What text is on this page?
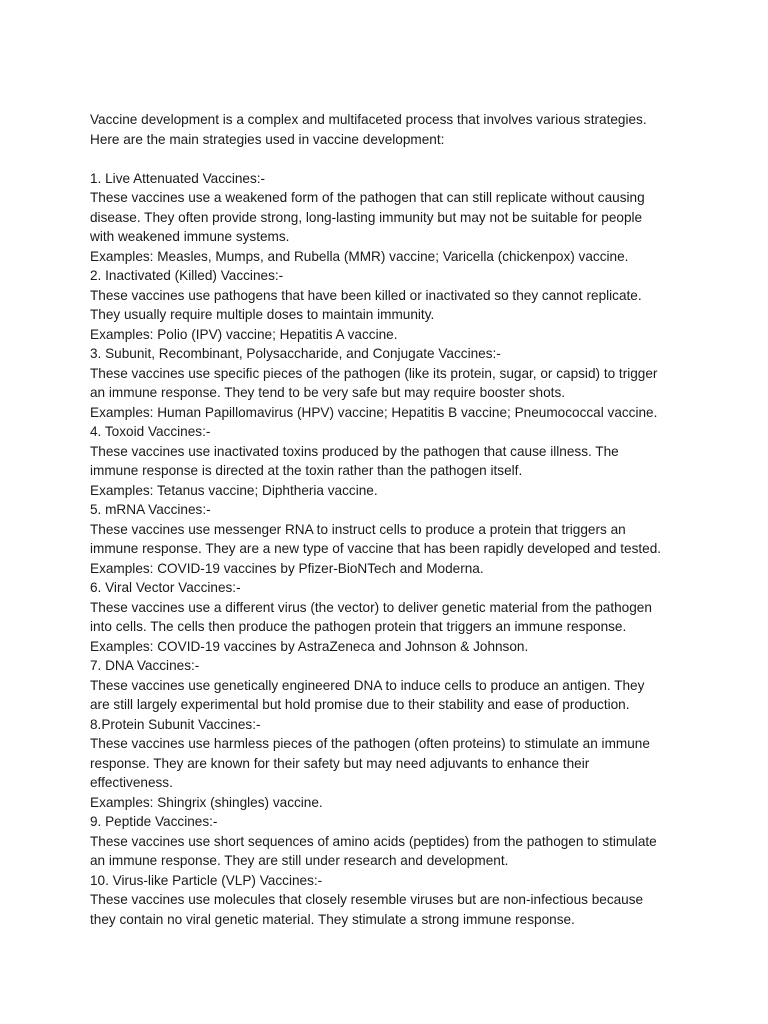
Vaccine development is a complex and multifaceted process that involves various strategies.

Here are the main strategies used in vaccine development:

1. Live Attenuated Vaccines:-

These vaccines use a weakened form of the pathogen that can still replicate without causing

disease. They often provide strong, long-lasting immunity but may not be suitable for people

with weakened immune systems.

Examples: Measles, Mumps, and Rubella (MMR) vaccine; Varicella (chickenpox) vaccine.

2. Inactivated (Killed) Vaccines:-

These vaccines use pathogens that have been killed or inactivated so they cannot replicate.

They usually require multiple doses to maintain immunity.

Examples: Polio (IPV) vaccine; Hepatitis A vaccine.

3. Subunit, Recombinant, Polysaccharide, and Conjugate Vaccines:-

These vaccines use specific pieces of the pathogen (like its protein, sugar, or capsid) to trigger

an immune response. They tend to be very safe but may require booster shots.

Examples: Human Papillomavirus (HPV) vaccine; Hepatitis B vaccine; Pneumococcal vaccine.

4. Toxoid Vaccines:-

These vaccines use inactivated toxins produced by the pathogen that cause illness. The

immune response is directed at the toxin rather than the pathogen itself.

Examples: Tetanus vaccine; Diphtheria vaccine.

5. mRNA Vaccines:-

These vaccines use messenger RNA to instruct cells to produce a protein that triggers an

immune response. They are a new type of vaccine that has been rapidly developed and tested.

Examples: COVID-19 vaccines by Pfizer-BioNTech and Moderna.

6. Viral Vector Vaccines:-

These vaccines use a different virus (the vector) to deliver genetic material from the pathogen

into cells. The cells then produce the pathogen protein that triggers an immune response.

Examples: COVID-19 vaccines by AstraZeneca and Johnson & Johnson.

7. DNA Vaccines:-

These vaccines use genetically engineered DNA to induce cells to produce an antigen. They

are still largely experimental but hold promise due to their stability and ease of production.

8.Protein Subunit Vaccines:-

These vaccines use harmless pieces of the pathogen (often proteins) to stimulate an immune

response. They are known for their safety but may need adjuvants to enhance their

effectiveness.

Examples: Shingrix (shingles) vaccine.

9. Peptide Vaccines:-

These vaccines use short sequences of amino acids (peptides) from the pathogen to stimulate

an immune response. They are still under research and development.

10. Virus-like Particle (VLP) Vaccines:-

These vaccines use molecules that closely resemble viruses but are non-infectious because

they contain no viral genetic material. They stimulate a strong immune response.
